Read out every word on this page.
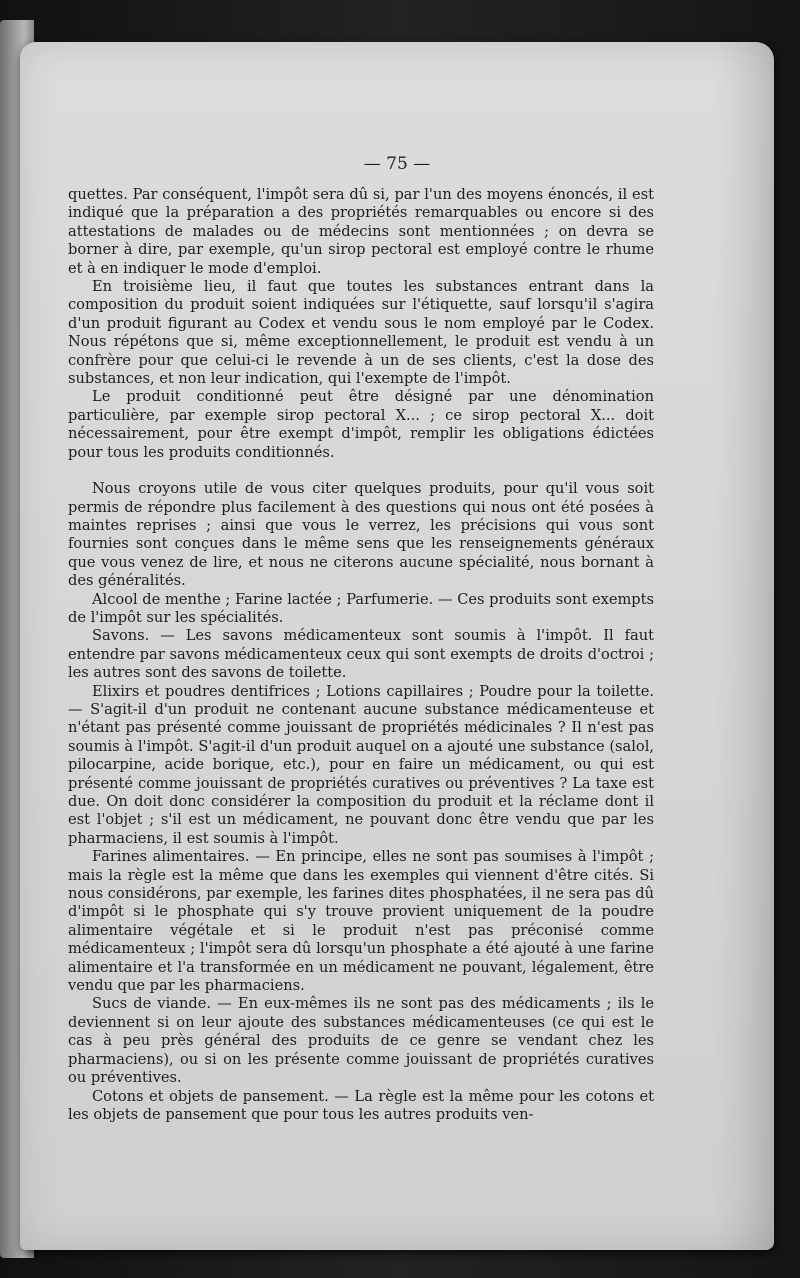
— 75 —

quettes. Par conséquent, l'impôt sera dû si, par l'un des moyens énoncés, il est indiqué que la préparation a des propriétés remarquables ou encore si des attestations de malades ou de médecins sont mentionnées ; on devra se borner à dire, par exemple, qu'un sirop pectoral est employé contre le rhume et à en indiquer le mode d'emploi.

En troisième lieu, il faut que toutes les substances entrant dans la composition du produit soient indiquées sur l'étiquette, sauf lorsqu'il s'agira d'un produit figurant au Codex et vendu sous le nom employé par le Codex. Nous répétons que si, même exceptionnellement, le produit est vendu à un confrère pour que celui-ci le revende à un de ses clients, c'est la dose des substances, et non leur indication, qui l'exempte de l'impôt.

Le produit conditionné peut être désigné par une dénomination particulière, par exemple sirop pectoral X... ; ce sirop pectoral X... doit nécessairement, pour être exempt d'impôt, remplir les obligations édictées pour tous les produits conditionnés.

Nous croyons utile de vous citer quelques produits, pour qu'il vous soit permis de répondre plus facilement à des questions qui nous ont été posées à maintes reprises ; ainsi que vous le verrez, les précisions qui vous sont fournies sont conçues dans le même sens que les renseignements généraux que vous venez de lire, et nous ne citerons aucune spécialité, nous bornant à des généralités.

Alcool de menthe ; Farine lactée ; Parfumerie. — Ces produits sont exempts de l'impôt sur les spécialités.

Savons. — Les savons médicamenteux sont soumis à l'impôt. Il faut entendre par savons médicamenteux ceux qui sont exempts de droits d'octroi ; les autres sont des savons de toilette.

Elixirs et poudres dentifrices ; Lotions capillaires ; Poudre pour la toilette. — S'agit-il d'un produit ne contenant aucune substance médicamenteuse et n'étant pas présenté comme jouissant de propriétés médicinales ? Il n'est pas soumis à l'impôt. S'agit-il d'un produit auquel on a ajouté une substance (salol, pilocarpine, acide borique, etc.), pour en faire un médicament, ou qui est présenté comme jouissant de propriétés curatives ou préventives ? La taxe est due. On doit donc considérer la composition du produit et la réclame dont il est l'objet ; s'il est un médicament, ne pouvant donc être vendu que par les pharmaciens, il est soumis à l'impôt.

Farines alimentaires. — En principe, elles ne sont pas soumises à l'impôt ; mais la règle est la même que dans les exemples qui viennent d'être cités. Si nous considérons, par exemple, les farines dites phosphatées, il ne sera pas dû d'impôt si le phosphate qui s'y trouve provient uniquement de la poudre alimentaire végétale et si le produit n'est pas préconisé comme médicamenteux ; l'impôt sera dû lorsqu'un phosphate a été ajouté à une farine alimentaire et l'a transformée en un médicament ne pouvant, légalement, être vendu que par les pharmaciens.

Sucs de viande. — En eux-mêmes ils ne sont pas des médicaments ; ils le deviennent si on leur ajoute des substances médicamenteuses (ce qui est le cas à peu près général des produits de ce genre se vendant chez les pharmaciens), ou si on les présente comme jouissant de propriétés curatives ou préventives.

Cotons et objets de pansement. — La règle est la même pour les cotons et les objets de pansement que pour tous les autres produits ven-
